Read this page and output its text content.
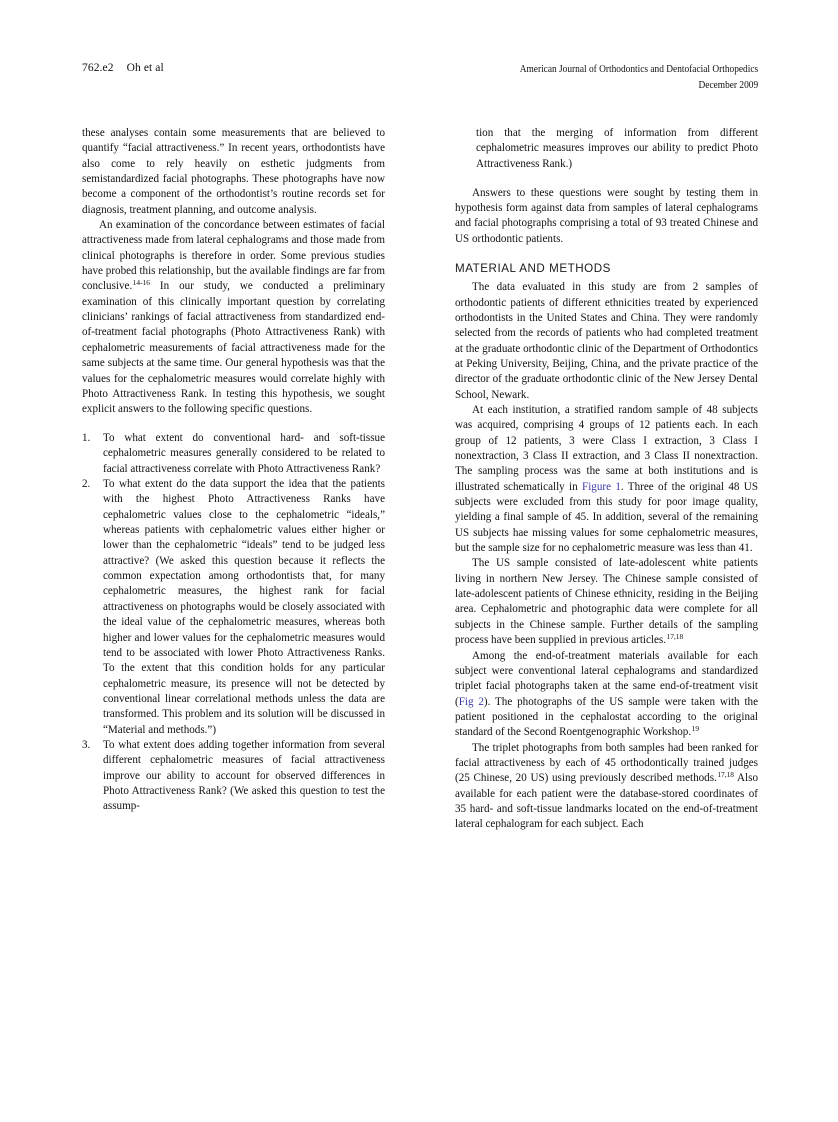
762.e2 Oh et al	American Journal of Orthodontics and Dentofacial Orthopedics
December 2009

these analyses contain some measurements that are believed to quantify “facial attractiveness.” In recent years, orthodontists have also come to rely heavily on esthetic judgments from semistandardized facial photographs. These photographs have now become a component of the orthodontist’s routine records set for diagnosis, treatment planning, and outcome analysis.

An examination of the concordance between estimates of facial attractiveness made from lateral cephalograms and those made from clinical photographs is therefore in order. Some previous studies have probed this relationship, but the available findings are far from conclusive.$^{14-16}$ In our study, we conducted a preliminary examination of this clinically important question by correlating clinicians’ rankings of facial attractiveness from standardized end-of-treatment facial photographs (Photo Attractiveness Rank) with cephalometric measurements of facial attractiveness made for the same subjects at the same time. Our general hypothesis was that the values for the cephalometric measures would correlate highly with Photo Attractiveness Rank. In testing this hypothesis, we sought explicit answers to the following specific questions.

To what extent do conventional hard- and soft-tissue cephalometric measures generally considered to be related to facial attractiveness correlate with Photo Attractiveness Rank?
To what extent do the data support the idea that the patients with the highest Photo Attractiveness Ranks have cephalometric values close to the cephalometric “ideals,” whereas patients with cephalometric values either higher or lower than the cephalometric “ideals” tend to be judged less attractive? (We asked this question because it reflects the common expectation among orthodontists that, for many cephalometric measures, the highest rank for facial attractiveness on photographs would be closely associated with the ideal value of the cephalometric measures, whereas both higher and lower values for the cephalometric measures would tend to be associated with lower Photo Attractiveness Ranks. To the extent that this condition holds for any particular cephalometric measure, its presence will not be detected by conventional linear correlational methods unless the data are transformed. This problem and its solution will be discussed in “Material and methods.”)
To what extent does adding together information from several different cephalometric measures of facial attractiveness improve our ability to account for observed differences in Photo Attractiveness Rank? (We asked this question to test the assump-
tion that the merging of information from different cephalometric measures improves our ability to predict Photo Attractiveness Rank.)

Answers to these questions were sought by testing them in hypothesis form against data from samples of lateral cephalograms and facial photographs comprising a total of 93 treated Chinese and US orthodontic patients.

MATERIAL AND METHODS

The data evaluated in this study are from 2 samples of orthodontic patients of different ethnicities treated by experienced orthodontists in the United States and China. They were randomly selected from the records of patients who had completed treatment at the graduate orthodontic clinic of the Department of Orthodontics at Peking University, Beijing, China, and the private practice of the director of the graduate orthodontic clinic of the New Jersey Dental School, Newark.

At each institution, a stratified random sample of 48 subjects was acquired, comprising 4 groups of 12 patients each. In each group of 12 patients, 3 were Class I extraction, 3 Class I nonextraction, 3 Class II extraction, and 3 Class II nonextraction. The sampling process was the same at both institutions and is illustrated schematically in Figure 1. Three of the original 48 US subjects were excluded from this study for poor image quality, yielding a final sample of 45. In addition, several of the remaining US subjects hae missing values for some cephalometric measures, but the sample size for no cephalometric measure was less than 41.

The US sample consisted of late-adolescent white patients living in northern New Jersey. The Chinese sample consisted of late-adolescent patients of Chinese ethnicity, residing in the Beijing area. Cephalometric and photographic data were complete for all subjects in the Chinese sample. Further details of the sampling process have been supplied in previous articles.$^{17,18}$

Among the end-of-treatment materials available for each subject were conventional lateral cephalograms and standardized triplet facial photographs taken at the same end-of-treatment visit (Fig 2). The photographs of the US sample were taken with the patient positioned in the cephalostat according to the original standard of the Second Roentgenographic Workshop.$^{19}$

The triplet photographs from both samples had been ranked for facial attractiveness by each of 45 orthodontically trained judges (25 Chinese, 20 US) using previously described methods.$^{17,18}$ Also available for each patient were the database-stored coordinates of 35 hard- and soft-tissue landmarks located on the end-of-treatment lateral cephalogram for each subject. Each
